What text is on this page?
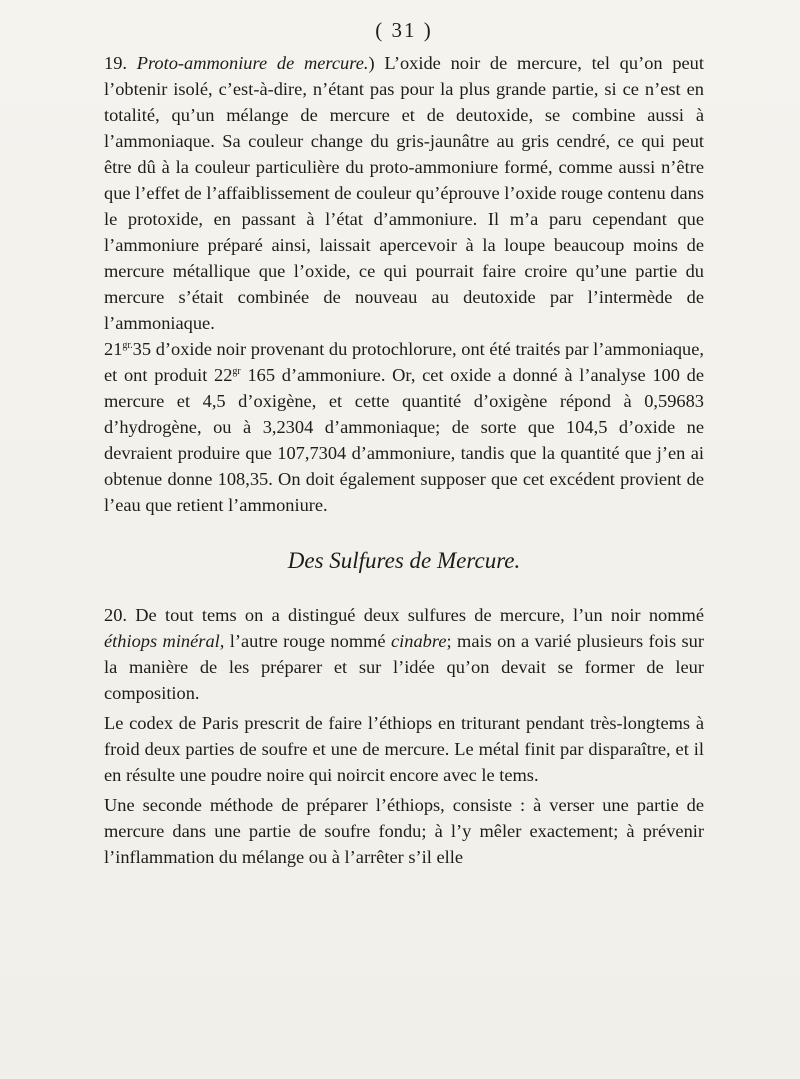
( 31 )

19. Proto-ammoniure de mercure.) L’oxide noir de mercure, tel qu’on peut l’obtenir isolé, c’est-à-dire, n’étant pas pour la plus grande partie, si ce n’est en totalité, qu’un mélange de mercure et de deutoxide, se combine aussi à l’ammoniaque. Sa couleur change du gris-jaunâtre au gris cendré, ce qui peut être dû à la couleur particulière du proto-ammoniure formé, comme aussi n’être que l’effet de l’affaiblissement de couleur qu’éprouve l’oxide rouge contenu dans le protoxide, en passant à l’état d’ammoniure. Il m’a paru cependant que l’ammoniure préparé ainsi, laissait apercevoir à la loupe beaucoup moins de mercure métallique que l’oxide, ce qui pourrait faire croire qu’une partie du mercure s’était combinée de nouveau au deutoxide par l’intermède de l’ammoniaque.

$21^{gr.}35$ d’oxide noir provenant du protochlorure, ont été traités par l’ammoniaque, et ont produit $22^{gr}$ 165 d’ammoniure. Or, cet oxide a donné à l’analyse 100 de mercure et 4,5 d’oxigène, et cette quantité d’oxigène répond à 0,59683 d’hydrogène, ou à 3,2304 d’ammoniaque; de sorte que 104,5 d’oxide ne devraient produire que 107,7304 d’ammoniure, tandis que la quantité que j’en ai obtenue donne 108,35. On doit également supposer que cet excédent provient de l’eau que retient l’ammoniure.

Des Sulfures de Mercure.

20. De tout tems on a distingué deux sulfures de mercure, l’un noir nommé éthiops minéral, l’autre rouge nommé cinabre; mais on a varié plusieurs fois sur la manière de les préparer et sur l’idée qu’on devait se former de leur composition.

Le codex de Paris prescrit de faire l’éthiops en triturant pendant très-longtems à froid deux parties de soufre et une de mercure. Le métal finit par disparaître, et il en résulte une poudre noire qui noircit encore avec le tems.

Une seconde méthode de préparer l’éthiops, consiste : à verser une partie de mercure dans une partie de soufre fondu; à l’y mêler exactement; à prévenir l’inflammation du mélange ou à l’arrêter s’il elle
